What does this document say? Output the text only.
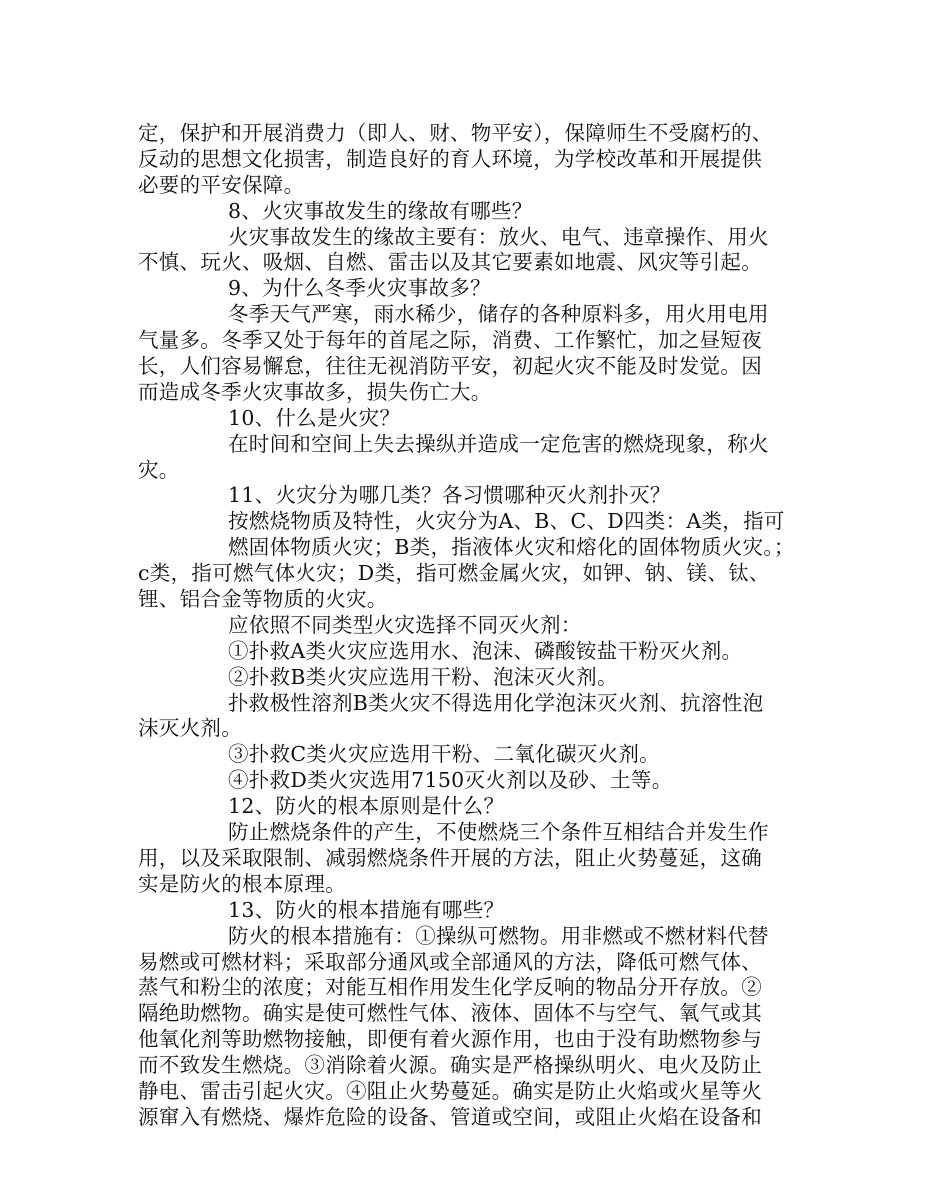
定，保护和开展消费力（即人、财、物平安），保障师生不受腐朽的、
反动的思想文化损害，制造良好的育人环境，为学校改革和开展提供
必要的平安保障。
8、火灾事故发生的缘故有哪些？
火灾事故发生的缘故主要有：放火、电气、违章操作、用火
不慎、玩火、吸烟、自燃、雷击以及其它要素如地震、风灾等引起。
9、为什么冬季火灾事故多？
冬季天气严寒，雨水稀少，储存的各种原料多，用火用电用
气量多。冬季又处于每年的首尾之际，消费、工作繁忙，加之昼短夜
长，人们容易懈怠，往往无视消防平安，初起火灾不能及时发觉。因
而造成冬季火灾事故多，损失伤亡大。
10、什么是火灾？
在时间和空间上失去操纵并造成一定危害的燃烧现象，称火
灾。
11、火灾分为哪几类？各习惯哪种灭火剂扑灭？
按燃烧物质及特性，火灾分为A、B、C、D四类：A类，指可
燃固体物质火灾；B类，指液体火灾和熔化的固体物质火灾。；
c类，指可燃气体火灾；D类，指可燃金属火灾，如钾、钠、镁、钛、
锂、铝合金等物质的火灾。
应依照不同类型火灾选择不同灭火剂：
①扑救A类火灾应选用水、泡沫、磷酸铵盐干粉灭火剂。
②扑救B类火灾应选用干粉、泡沫灭火剂。
扑救极性溶剂B类火灾不得选用化学泡沫灭火剂、抗溶性泡
沫灭火剂。
③扑救C类火灾应选用干粉、二氧化碳灭火剂。
④扑救D类火灾选用7150灭火剂以及砂、土等。
12、防火的根本原则是什么？
防止燃烧条件的产生，不使燃烧三个条件互相结合并发生作
用，以及采取限制、减弱燃烧条件开展的方法，阻止火势蔓延，这确
实是防火的根本原理。
13、防火的根本措施有哪些？
防火的根本措施有：①操纵可燃物。用非燃或不燃材料代替
易燃或可燃材料；采取部分通风或全部通风的方法，降低可燃气体、
蒸气和粉尘的浓度；对能互相作用发生化学反响的物品分开存放。②
隔绝助燃物。确实是使可燃性气体、液体、固体不与空气、氧气或其
他氧化剂等助燃物接触，即便有着火源作用，也由于没有助燃物参与
而不致发生燃烧。③消除着火源。确实是严格操纵明火、电火及防止
静电、雷击引起火灾。④阻止火势蔓延。确实是防止火焰或火星等火
源窜入有燃烧、爆炸危险的设备、管道或空间，或阻止火焰在设备和
